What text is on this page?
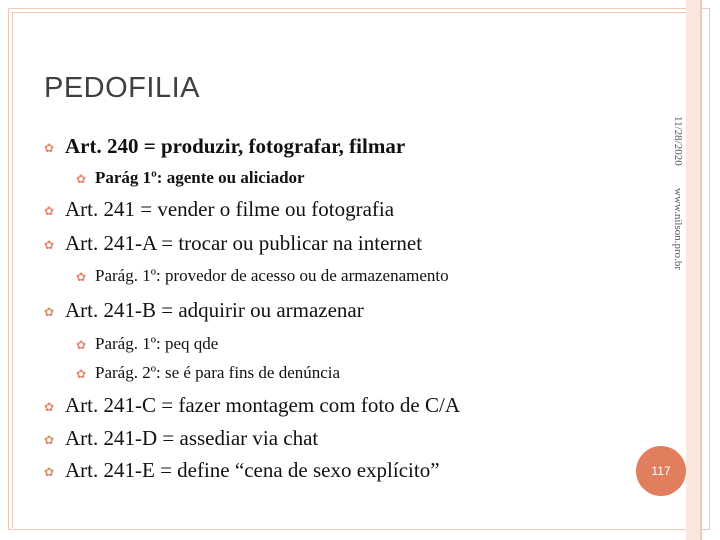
PEDOFILIA
11/28/2020
www.nilson.pro.br
✿ Art. 240 = produzir, fotografar, filmar
✿ Parág 1º: agente ou aliciador
✿ Art. 241 = vender o filme ou fotografia
✿ Art. 241-A = trocar ou publicar na internet
✿ Parág. 1º: provedor de acesso ou de armazenamento
✿ Art. 241-B = adquirir ou armazenar
✿ Parág. 1º: peq qde
✿ Parág. 2º: se é para fins de denúncia
✿ Art. 241-C = fazer montagem com foto de C/A
✿ Art. 241-D = assediar via chat
✿ Art. 241-E = define “cena de sexo explícito”	117
